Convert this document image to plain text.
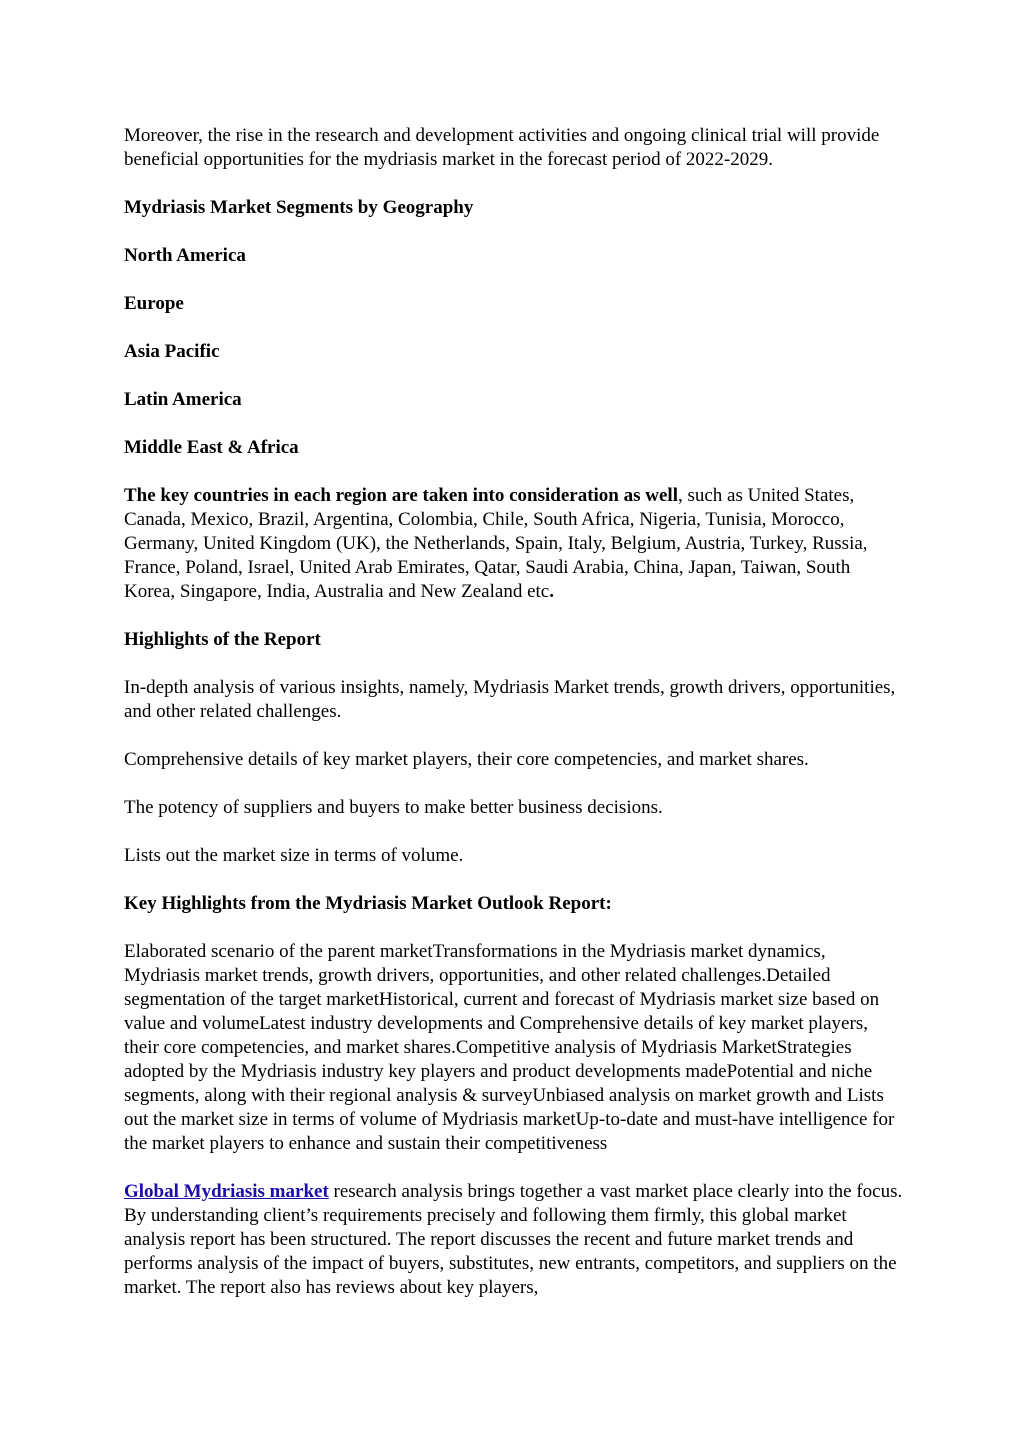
Moreover, the rise in the research and development activities and ongoing clinical trial will provide beneficial opportunities for the mydriasis market in the forecast period of 2022-2029.

Mydriasis Market Segments by Geography

North America

Europe

Asia Pacific

Latin America

Middle East & Africa

The key countries in each region are taken into consideration as well, such as United States, Canada, Mexico, Brazil, Argentina, Colombia, Chile, South Africa, Nigeria, Tunisia, Morocco, Germany, United Kingdom (UK), the Netherlands, Spain, Italy, Belgium, Austria, Turkey, Russia, France, Poland, Israel, United Arab Emirates, Qatar, Saudi Arabia, China, Japan, Taiwan, South Korea, Singapore, India, Australia and New Zealand etc.

Highlights of the Report

In-depth analysis of various insights, namely, Mydriasis Market trends, growth drivers, opportunities, and other related challenges.

Comprehensive details of key market players, their core competencies, and market shares.

The potency of suppliers and buyers to make better business decisions.

Lists out the market size in terms of volume.

Key Highlights from the Mydriasis Market Outlook Report:

Elaborated scenario of the parent marketTransformations in the Mydriasis market dynamics, Mydriasis market trends, growth drivers, opportunities, and other related challenges.Detailed segmentation of the target marketHistorical, current and forecast of Mydriasis market size based on value and volumeLatest industry developments and Comprehensive details of key market players, their core competencies, and market shares.Competitive analysis of Mydriasis MarketStrategies adopted by the Mydriasis industry key players and product developments madePotential and niche segments, along with their regional analysis & surveyUnbiased analysis on market growth and Lists out the market size in terms of volume of Mydriasis marketUp-to-date and must-have intelligence for the market players to enhance and sustain their competitiveness

Global Mydriasis market research analysis brings together a vast market place clearly into the focus. By understanding client’s requirements precisely and following them firmly, this global market analysis report has been structured. The report discusses the recent and future market trends and performs analysis of the impact of buyers, substitutes, new entrants, competitors, and suppliers on the market. The report also has reviews about key players,
